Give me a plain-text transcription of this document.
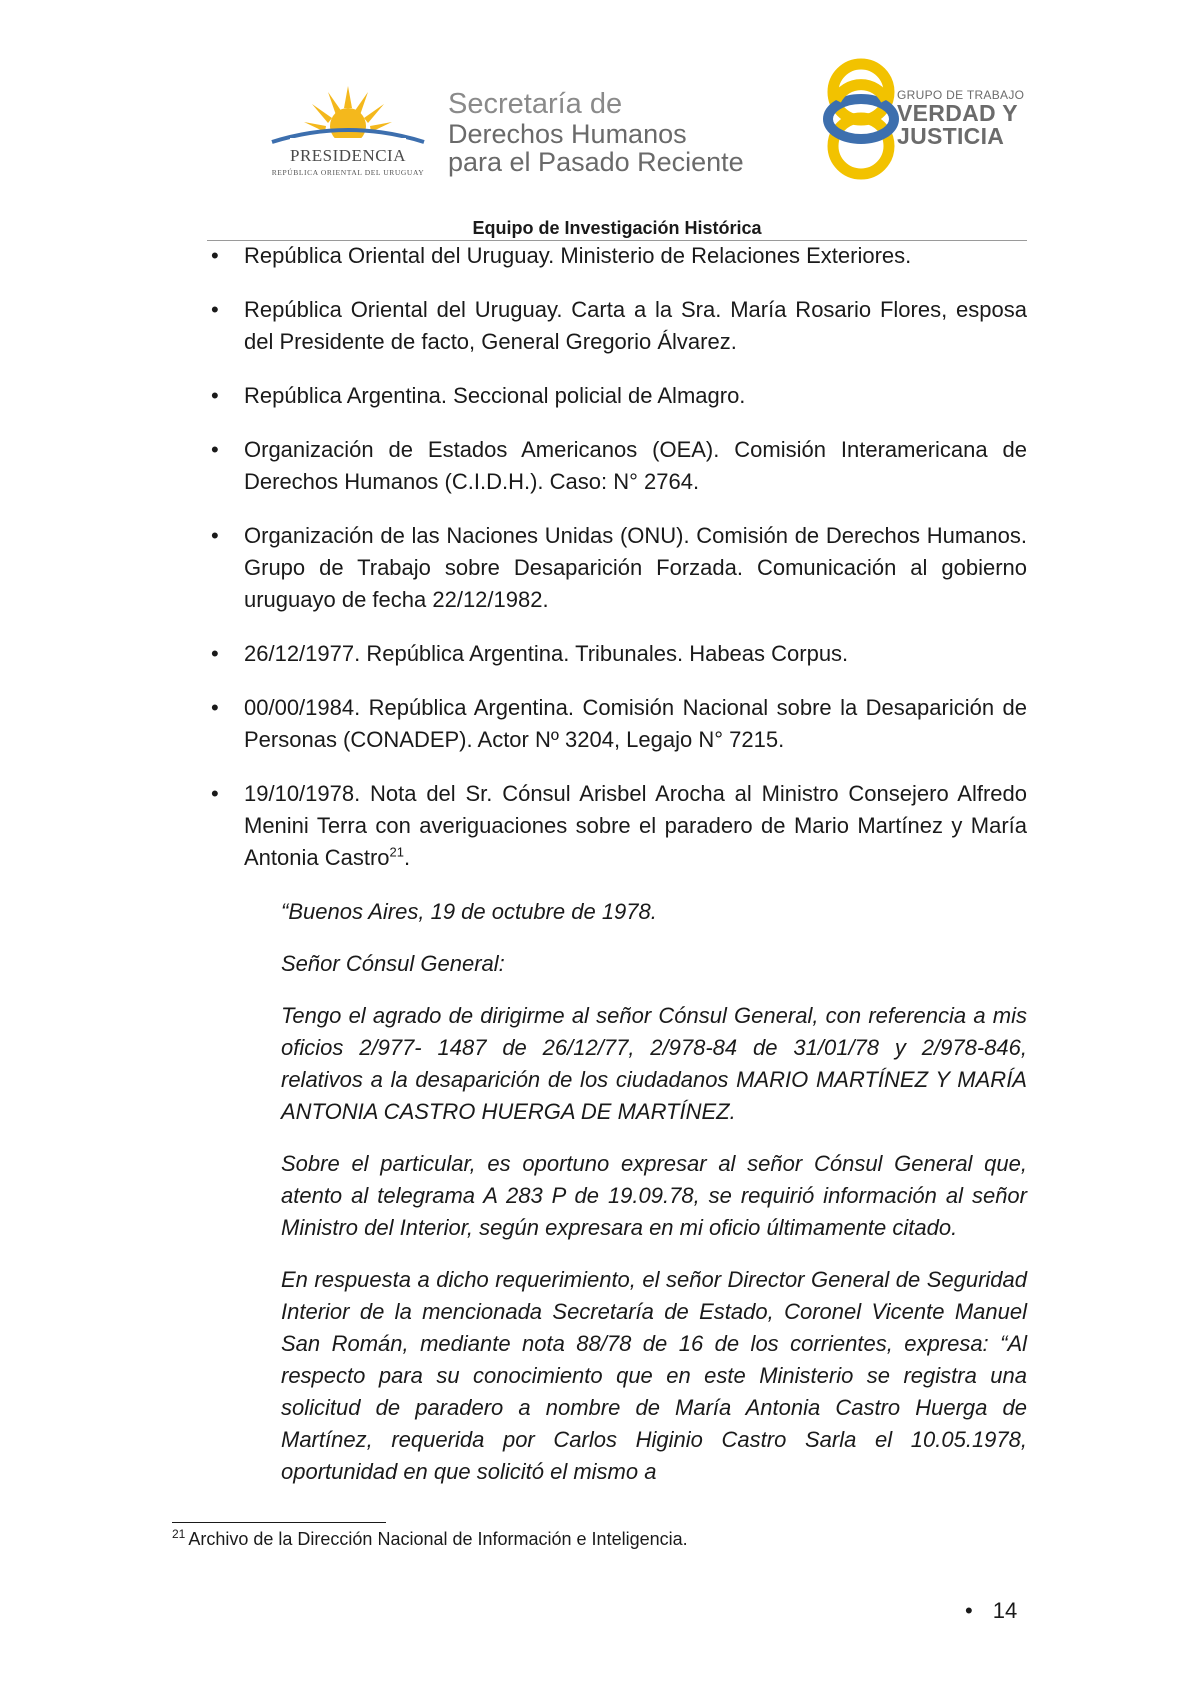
PRESIDENCIA
REPÚBLICA ORIENTAL DEL URUGUAY
Secretaría de
Derechos Humanos
para el Pasado Reciente
GRUPO DE TRABAJO
VERDAD Y
JUSTICIA
Equipo de Investigación Histórica
• República Oriental del Uruguay. Ministerio de Relaciones Exteriores.
• República Oriental del Uruguay. Carta a la Sra. María Rosario Flores, esposa del Presidente de facto, General Gregorio Álvarez.
• República Argentina. Seccional policial de Almagro.
• Organización de Estados Americanos (OEA). Comisión Interamericana de Derechos Humanos (C.I.D.H.). Caso: N° 2764.
• Organización de las Naciones Unidas (ONU). Comisión de Derechos Humanos. Grupo de Trabajo sobre Desaparición Forzada. Comunicación al gobierno uruguayo de fecha 22/12/1982.
• 26/12/1977. República Argentina. Tribunales. Habeas Corpus.
• 00/00/1984. República Argentina. Comisión Nacional sobre la Desaparición de Personas (CONADEP). Actor Nº 3204, Legajo N° 7215.
• 19/10/1978. Nota del Sr. Cónsul Arisbel Arocha al Ministro Consejero Alfredo Menini Terra con averiguaciones sobre el paradero de Mario Martínez y María Antonia Castro$^{21}$.

“Buenos Aires, 19 de octubre de 1978.

Señor Cónsul General:

Tengo el agrado de dirigirme al señor Cónsul General, con referencia a mis oficios 2/977- 1487 de 26/12/77, 2/978-84 de 31/01/78 y 2/978-846, relativos a la desaparición de los ciudadanos MARIO MARTÍNEZ Y MARÍA ANTONIA CASTRO HUERGA DE MARTÍNEZ.

Sobre el particular, es oportuno expresar al señor Cónsul General que, atento al telegrama A 283 P de 19.09.78, se requirió información al señor Ministro del Interior, según expresara en mi oficio últimamente citado.

En respuesta a dicho requerimiento, el señor Director General de Seguridad Interior de la mencionada Secretaría de Estado, Coronel Vicente Manuel San Román, mediante nota 88/78 de 16 de los corrientes, expresa: “Al respecto para su conocimiento que en este Ministerio se registra una solicitud de paradero a nombre de María Antonia Castro Huerga de Martínez, requerida por Carlos Higinio Castro Sarla el 10.05.1978, oportunidad en que solicitó el mismo a

$^{21}$ Archivo de la Dirección Nacional de Información e Inteligencia.
• 14
